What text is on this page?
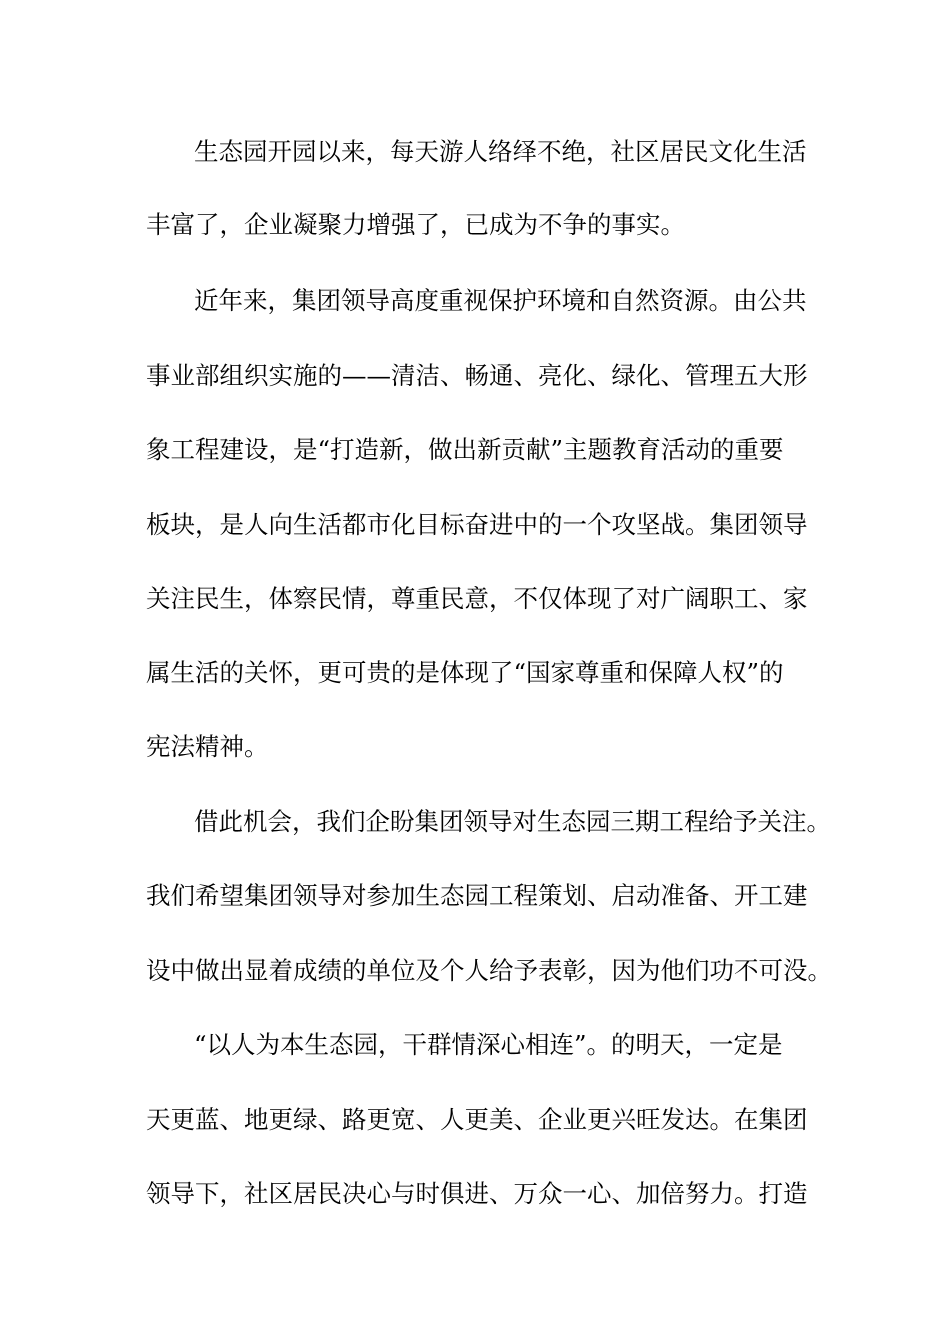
生态园开园以来，每天游人络绎不绝，社区居民文化生活
丰富了，企业凝聚力增强了，已成为不争的事实。
近年来，集团领导高度重视保护环境和自然资源。由公共
事业部组织实施的——清洁、畅通、亮化、绿化、管理五大形
象工程建设，是“打造新，做出新贡献”主题教育活动的重要
板块，是人向生活都市化目标奋进中的一个攻坚战。集团领导
关注民生，体察民情，尊重民意，不仅体现了对广阔职工、家
属生活的关怀，更可贵的是体现了“国家尊重和保障人权”的
宪法精神。
借此机会，我们企盼集团领导对生态园三期工程给予关注。
我们希望集团领导对参加生态园工程策划、启动准备、开工建
设中做出显着成绩的单位及个人给予表彰，因为他们功不可没。
“以人为本生态园，干群情深心相连”。的明天，一定是
天更蓝、地更绿、路更宽、人更美、企业更兴旺发达。在集团
领导下，社区居民决心与时俱进、万众一心、加倍努力。打造
